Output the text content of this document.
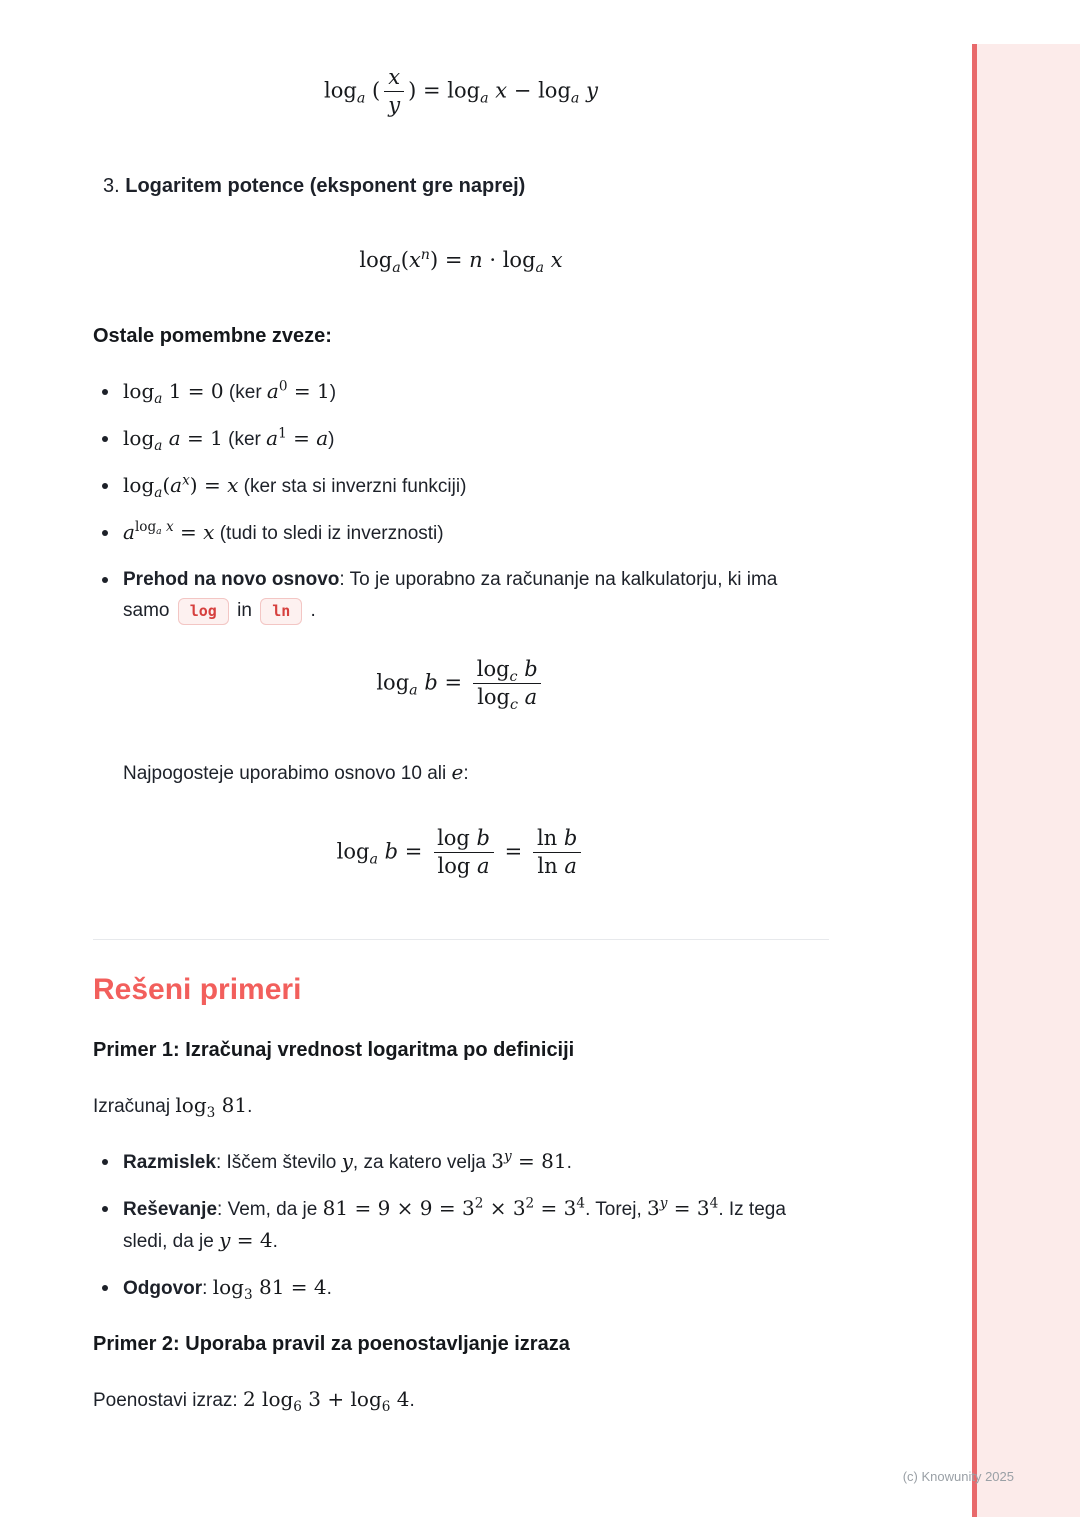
$\log_a$ ( $\frac{x}{y}$ ) = $\log_a x - \log_a y$
3. Logaritem potence (eksponent gre naprej)
$\log_a(x^n) = n \cdot \log_a x$
Ostale pomembne zveze:
$\log_a 1 = 0$ (ker $a^0 = 1$)
$\log_a a = 1$ (ker $a^1 = a$)
$\log_a(a^x) = x$ (ker sta si inverzni funkciji)
$a^{log_a x} = x$ (tudi to sledi iz inverznosti)
Prehod na novo osnovo: To je uporabno za računanje na kalkulatorju, ki ima samo log in ln .
$\log_a b = \frac{\log_c b}{\log_c a}$

Najpogosteje uporabimo osnovo 10 ali e:

$\log_a b = \frac{\text{log b}}{\text{log a}} = \frac{\text{ln b}}{\text{ln a}}$
Rešeni primeri
Primer 1: Izračunaj vrednost logaritma po definiciji

Izračunaj $\log_3 81$.

Razmislek: Iščem število y, za katero velja $3^y = 81$.
Reševanje: Vem, da je $81 = 9 \times 9 = 3^2 \times 3^2 = 3^4$. Torej, $3^y = 3^4$. Iz tega sledi, da je y = 4.
Odgovor: $\log_3 81 = 4$.
Primer 2: Uporaba pravil za poenostavljanje izraza

Poenostavi izraz: 2 $\log_6 3 + \log_6 4$.

(c) Knowunity 2025
